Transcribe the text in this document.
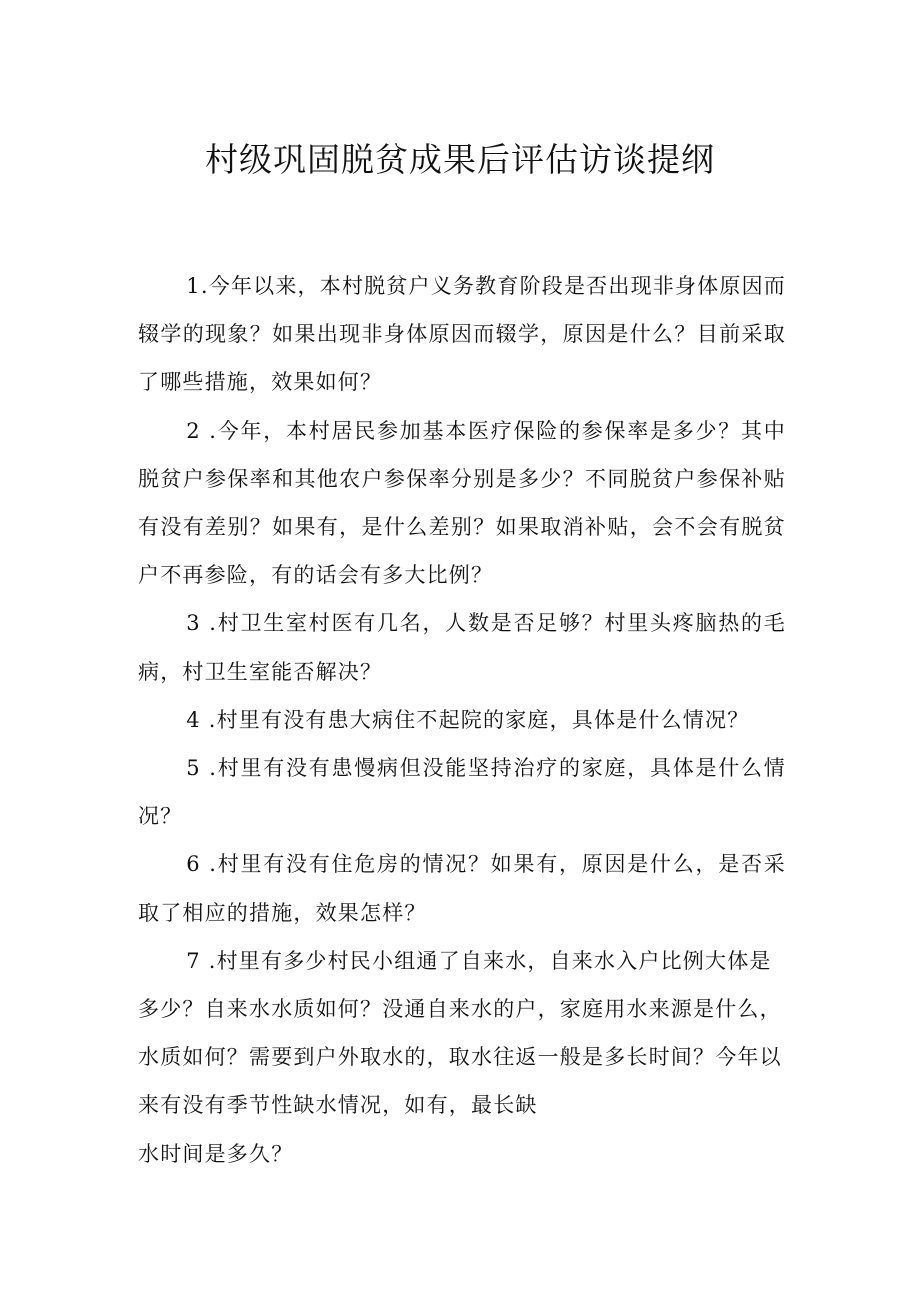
村级巩固脱贫成果后评估访谈提纲

1.今年以来，本村脱贫户义务教育阶段是否出现非身体原因而辍学的现象？如果出现非身体原因而辍学，原因是什么？目前采取了哪些措施，效果如何？

2 .今年，本村居民参加基本医疗保险的参保率是多少？其中脱贫户参保率和其他农户参保率分别是多少？不同脱贫户参保补贴有没有差别？如果有，是什么差别？如果取消补贴，会不会有脱贫户不再参险，有的话会有多大比例？

3 .村卫生室村医有几名，人数是否足够？村里头疼脑热的毛病，村卫生室能否解决？

4 .村里有没有患大病住不起院的家庭，具体是什么情况？

5 .村里有没有患慢病但没能坚持治疗的家庭，具体是什么情况？

6 .村里有没有住危房的情况？如果有，原因是什么，是否采取了相应的措施，效果怎样？

7 .村里有多少村民小组通了自来水，自来水入户比例大体是多少？自来水水质如何？没通自来水的户，家庭用水来源是什么，水质如何？需要到户外取水的，取水往返一般是多长时间？今年以来有没有季节性缺水情况，如有，最长缺

水时间是多久？
